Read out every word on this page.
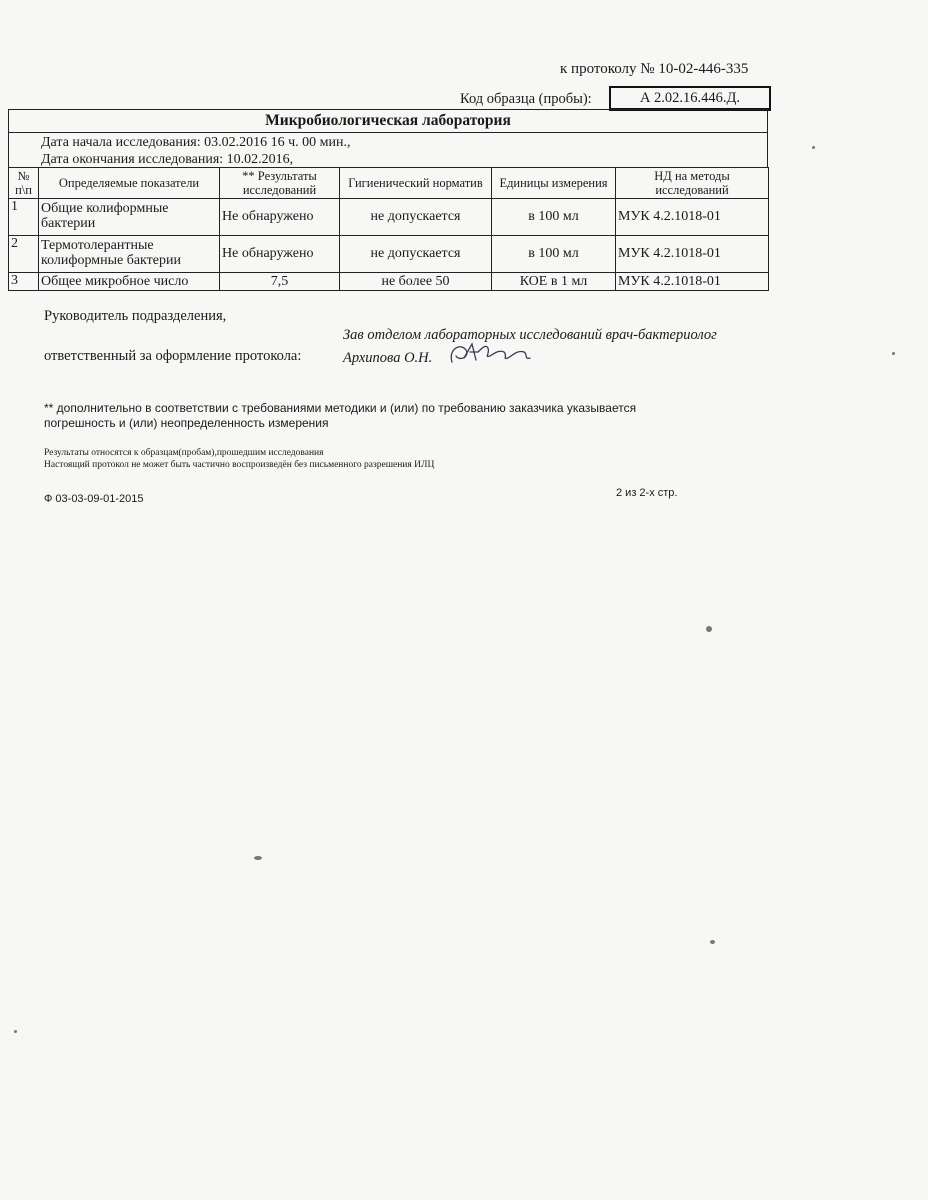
к протоколу № 10-02-446-335
Код образца (пробы):	А 2.02.16.446.Д.
Микробиологическая лаборатория
Дата начала исследования: 03.02.2016 16 ч. 00 мин.,
Дата окончания исследования: 10.02.2016,
№ п\п	Определяемые показатели	** Результаты исследований	Гигиенический норматив	Единицы измерения	НД на методы исследований
1	Общие колиформные бактерии	Не обнаружено	не допускается	в 100 мл	МУК 4.2.1018-01
2	Термотолерантные колиформные бактерии	Не обнаружено	не допускается	в 100 мл	МУК 4.2.1018-01
3	Общее микробное число	7,5	не более 50	КОЕ в 1 мл	МУК 4.2.1018-01
Руководитель подразделения,
ответственный за оформление протокола:
Зав отделом лабораторных исследований врач-бактериолог
Архипова О.Н.
** дополнительно в соответствии с требованиями методики и (или) по требованию заказчика указывается
погрешность и (или) неопределенность измерения
Результаты относятся к образцам(пробам),прошедшим исследования
Настоящий протокол не может быть частично воспроизведён без письменного разрешения ИЛЦ
Ф 03-03-09-01-2015	2 из 2-х стр.
